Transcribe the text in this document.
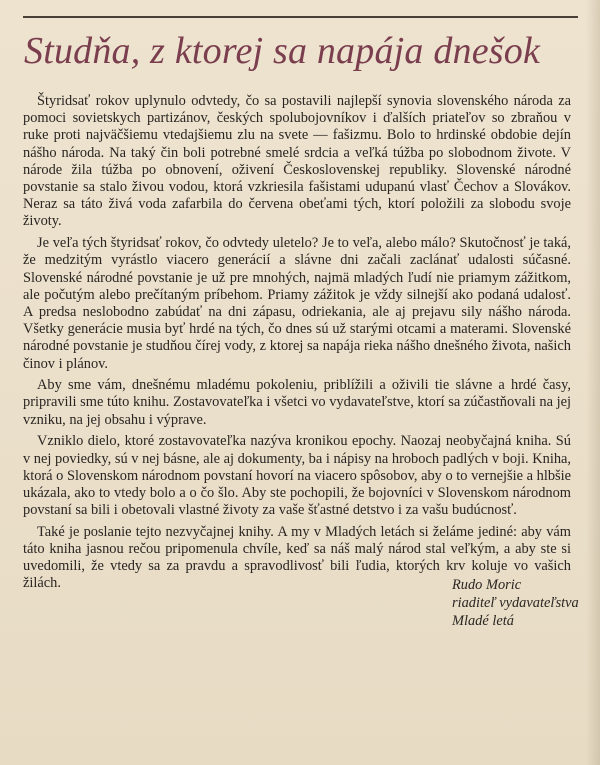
Studňa, z ktorej sa napája dnešok

Štyridsať rokov uplynulo odvtedy, čo sa postavili najlepší synovia slovenského národa za pomoci sovietskych partizánov, českých spolubojovníkov i ďalších priateľov so zbraňou v ruke proti najväčšiemu vtedajšiemu zlu na svete — fašizmu. Bolo to hrdinské obdobie dejín nášho národa. Na taký čin boli potrebné smelé srdcia a veľká túžba po slobodnom živote. V národe žila túžba po obnovení, oživení Československej republiky. Slovenské národné povstanie sa stalo živou vodou, ktorá vzkriesila fašistami udupanú vlasť Čechov a Slovákov. Neraz sa táto živá voda zafarbila do červena obeťami tých, ktorí položili za slobodu svoje životy.

Je veľa tých štyridsať rokov, čo odvtedy uletelo? Je to veľa, alebo málo? Skutočnosť je taká, že medzitým vyrástlo viacero generácií a slávne dni začali zaclánať udalosti súčasné. Slovenské národné povstanie je už pre mnohých, najmä mladých ľudí nie priamym zážitkom, ale počutým alebo prečítaným príbehom. Priamy zážitok je vždy silnejší ako podaná udalosť. A predsa neslobodno zabúdať na dni zápasu, odriekania, ale aj prejavu sily nášho národa. Všetky generácie musia byť hrdé na tých, čo dnes sú už starými otcami a materami. Slovenské národné povstanie je studňou čírej vody, z ktorej sa napája rieka nášho dnešného života, našich činov i plánov.

Aby sme vám, dnešnému mladému pokoleniu, priblížili a oživili tie slávne a hrdé časy, pripravili sme túto knihu. Zostavovateľka i všetci vo vydavateľstve, ktorí sa zúčastňovali na jej vzniku, na jej obsahu i výprave.

Vzniklo dielo, ktoré zostavovateľka nazýva kronikou epochy. Naozaj neobyčajná kniha. Sú v nej poviedky, sú v nej básne, ale aj dokumenty, ba i nápisy na hroboch padlých v boji. Kniha, ktorá o Slovenskom národnom povstaní hovorí na viacero spôsobov, aby o to vernejšie a hlbšie ukázala, ako to vtedy bolo a o čo šlo. Aby ste pochopili, že bojovníci v Slovenskom národnom povstaní sa bili i obetovali vlastné životy za vaše šťastné detstvo i za vašu budúcnosť.

Také je poslanie tejto nezvyčajnej knihy. A my v Mladých letách si želáme jediné: aby vám táto kniha jasnou rečou pripomenula chvíle, keď sa náš malý národ stal veľkým, a aby ste si uvedomili, že vtedy sa za pravdu a spravodlivosť bili ľudia, ktorých krv koluje vo vašich žilách.	Rudo Moric
riaditeľ vydavateľstva
Mladé letá
